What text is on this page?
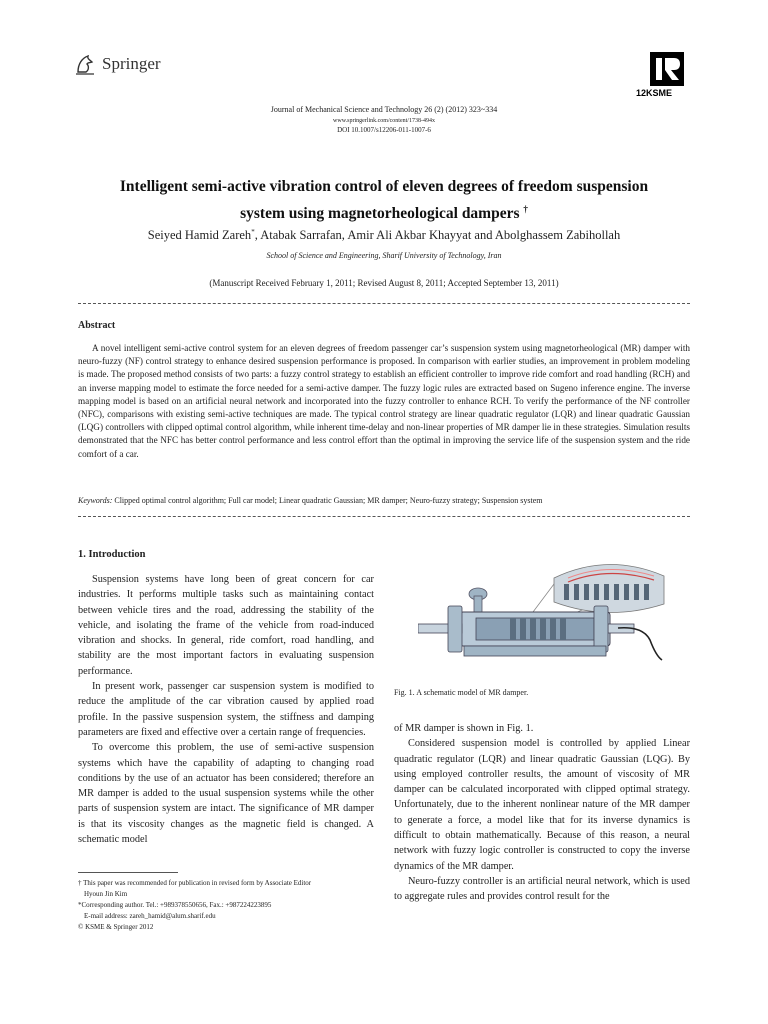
Springer
12KSME
Journal of Mechanical Science and Technology 26 (2) (2012) 323~334
www.springerlink.com/content/1738-494x
DOI 10.1007/s12206-011-1007-6
Intelligent semi-active vibration control of eleven degrees of freedom suspension
system using magnetorheological dampers †
Seiyed Hamid Zareh*, Atabak Sarrafan, Amir Ali Akbar Khayyat and Abolghassem Zabihollah
School of Science and Engineering, Sharif University of Technology, Iran
(Manuscript Received February 1, 2011; Revised August 8, 2011; Accepted September 13, 2011)
Abstract
A novel intelligent semi-active control system for an eleven degrees of freedom passenger car’s suspension system using magnetorheological (MR) damper with neuro-fuzzy (NF) control strategy to enhance desired suspension performance is proposed. In comparison with earlier studies, an improvement in problem modeling is made. The proposed method consists of two parts: a fuzzy control strategy to establish an efficient controller to improve ride comfort and road handling (RCH) and an inverse mapping model to estimate the force needed for a semi-active damper. The fuzzy logic rules are extracted based on Sugeno inference engine. The inverse mapping model is based on an artificial neural network and incorporated into the fuzzy controller to enhance RCH. To verify the performance of the NF controller (NFC), comparisons with existing semi-active techniques are made. The typical control strategy are linear quadratic regulator (LQR) and linear quadratic Gaussian (LQG) controllers with clipped optimal control algorithm, while inherent time-delay and non-linear properties of MR damper lie in these strategies. Simulation results demonstrated that the NFC has better control performance and less control effort than the optimal in improving the service life of the suspension system and the ride comfort of a car.
Keywords: Clipped optimal control algorithm; Full car model; Linear quadratic Gaussian; MR damper; Neuro-fuzzy strategy; Suspension system
1. Introduction

Suspension systems have long been of great concern for car industries. It performs multiple tasks such as maintaining contact between vehicle tires and the road, addressing the stability of the vehicle, and isolating the frame of the vehicle from road-induced vibration and shocks. In general, ride comfort, road handling, and stability are the most important factors in evaluating suspension performance.

In present work, passenger car suspension system is modified to reduce the amplitude of the car vibration caused by applied road profile. In the passive suspension system, the stiffness and damping parameters are fixed and effective over a certain range of frequencies.

To overcome this problem, the use of semi-active suspension systems which have the capability of adapting to changing road conditions by the use of an actuator has been considered; therefore an MR damper is added to the usual suspension systems while the other parts of suspension system are intact. The significance of MR damper is that its viscosity changes as the magnetic field is changed. A schematic model

Fig. 1. A schematic model of MR damper.
of MR damper is shown in Fig. 1.

Considered suspension model is controlled by applied Linear quadratic regulator (LQR) and linear quadratic Gaussian (LQG). By using employed controller results, the amount of viscosity of MR damper can be calculated incorporated with clipped optimal strategy. Unfortunately, due to the inherent nonlinear nature of the MR damper to generate a force, a model like that for its inverse dynamics is difficult to obtain mathematically. Because of this reason, a neural network with fuzzy logic controller is constructed to copy the inverse dynamics of the MR damper.

Neuro-fuzzy controller is an artificial neural network, which is used to aggregate rules and provides control result for the

† This paper was recommended for publication in revised form by Associate Editor
Hyoun Jin Kim
*Corresponding author. Tel.: +989378550656, Fax.: +987224223895
E-mail address: zareh_hamid@alum.sharif.edu
© KSME & Springer 2012
